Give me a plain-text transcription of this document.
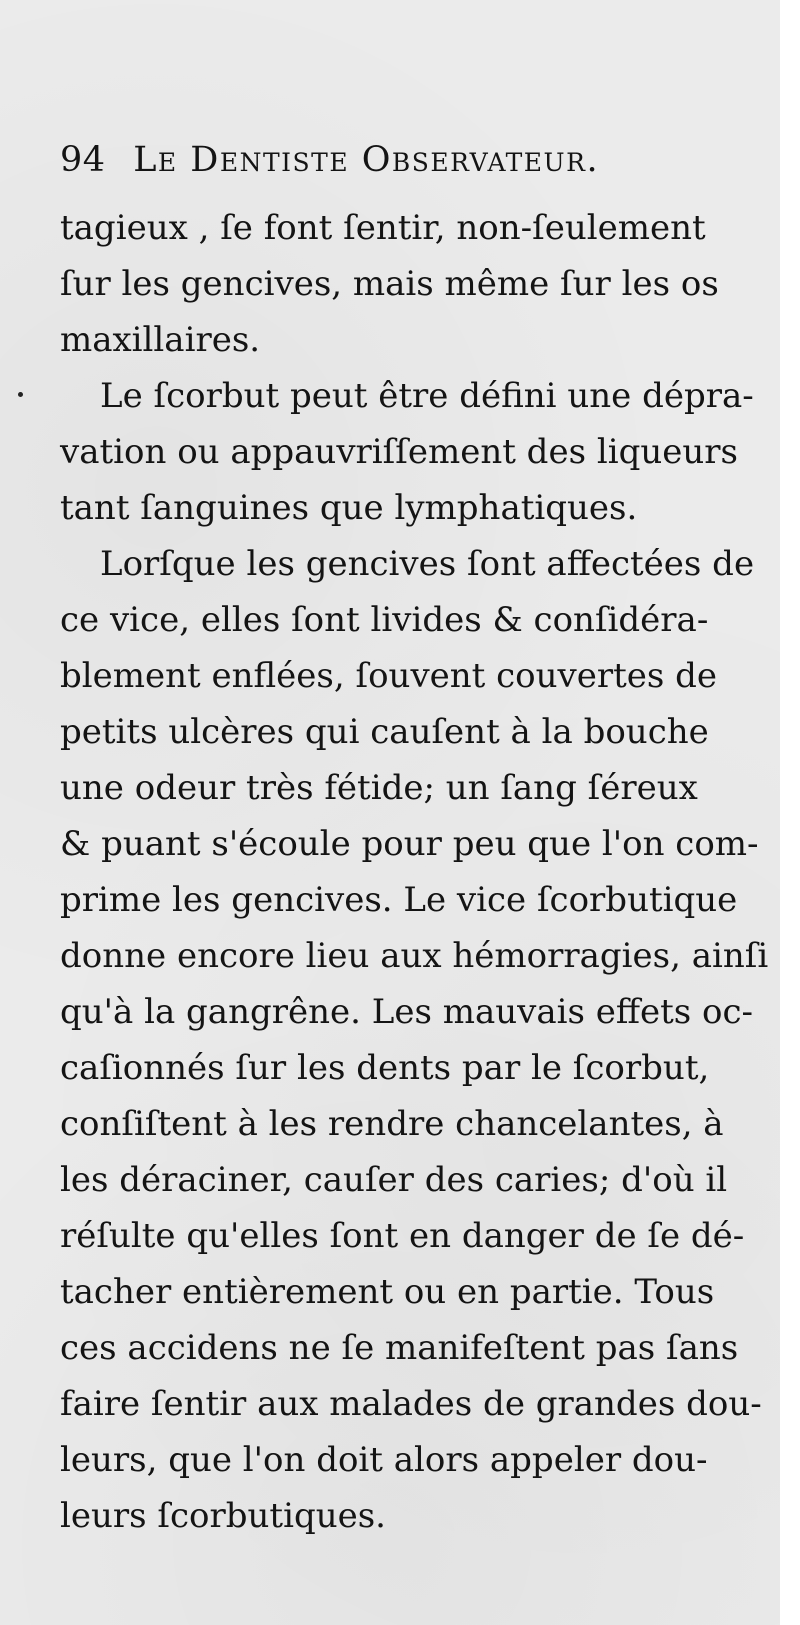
94 Le Dentiste Observateur.
tagieux , ſe font ſentir, non-ſeulement
ſur les gencives, mais même ſur les os
maxillaires.
Le ſcorbut peut être défini une dépra-
vation ou appauvriſſement des liqueurs
tant ſanguines que lymphatiques.
Lorſque les gencives ſont affectées de
ce vice, elles ſont livides & conſidéra-
blement enflées, ſouvent couvertes de
petits ulcères qui cauſent à la bouche
une odeur très fétide; un ſang ſéreux
& puant s'écoule pour peu que l'on com-
prime les gencives. Le vice ſcorbutique
donne encore lieu aux hémorragies, ainſi
qu'à la gangrêne. Les mauvais effets oc-
caſionnés ſur les dents par le ſcorbut,
conſiſtent à les rendre chancelantes, à
les déraciner, cauſer des caries; d'où il
réſulte qu'elles ſont en danger de ſe dé-
tacher entièrement ou en partie. Tous
ces accidens ne ſe manifeſtent pas ſans
faire ſentir aux malades de grandes dou-
leurs, que l'on doit alors appeler dou-
leurs ſcorbutiques.
